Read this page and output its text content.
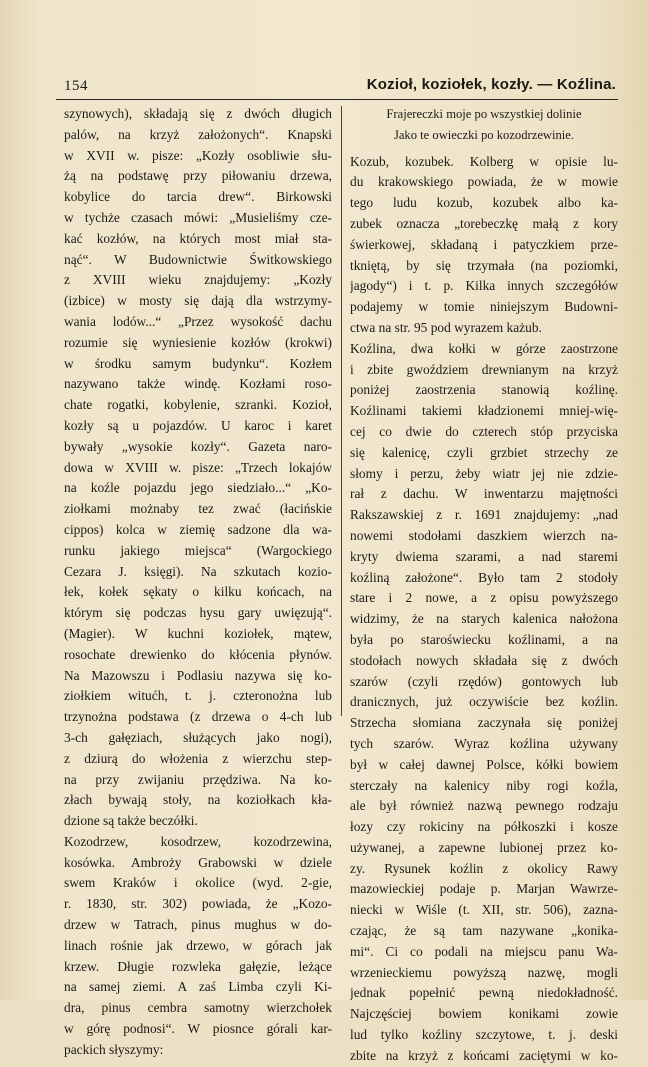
154	Kozioł, koziołek, kozły. — Koźlina.
szynowych), składają się z dwóch długich
palów, na krzyż założonych“. Knapski
w XVII w. pisze: „Kozły osobliwie słu-
żą na podstawę przy piłowaniu drzewa,
kobylice do tarcia drew“. Birkowski
w tychże czasach mówi: „Musieliśmy cze-
kać kozłów, na których most miał sta-
nąć“. W Budownictwie Świtkowskiego
z XVIII wieku znajdujemy: „Kozły
(izbice) w mosty się dają dla wstrzymy-
wania lodów...“ „Przez wysokość dachu
rozumie się wyniesienie kozłów (krokwi)
w środku samym budynku“. Kozłem
nazywano także windę. Kozłami roso-
chate rogatki, kobylenie, szranki. Kozioł,
kozły są u pojazdów. U karoc i karet
bywały „wysokie kozły“. Gazeta naro-
dowa w XVIII w. pisze: „Trzech lokajów
na koźle pojazdu jego siedziało...“ „Ko-
ziołkami możnaby tez zwać (łacińskie
cippos) kolca w ziemię sadzone dla wa-
runku jakiego miejsca“ (Wargockiego
Cezara J. księgi). Na szkutach kozio-
łek, kołek sękaty o kilku końcach, na
którym się podczas hysu gary uwięzują“.
(Magier). W kuchni koziołek, mątew,
rosochate drewienko do kłócenia płynów.
Na Mazowszu i Podlasiu nazywa się ko-
ziołkiem witućh, t. j. czteronożna lub
trzynożna podstawa (z drzewa o 4-ch lub
3-ch gałęziach, służących jako nogi),
z dziurą do włożenia z wierzchu step-
na przy zwijaniu przędziwa. Na ko-
złach bywają stoły, na koziołkach kła-
dzione są także beczółki.
Kozodrzew, kosodrzew, kozodrzewina,
kosówka. Ambroży Grabowski w dziele
swem Kraków i okolice (wyd. 2-gie,
r. 1830, str. 302) powiada, że „Kozo-
drzew w Tatrach, pinus mughus w do-
linach rośnie jak drzewo, w górach jak
krzew. Długie rozwleka gałęzie, leżące
na samej ziemi. A zaś Limba czyli Ki-
dra, pinus cembra samotny wierzchołek
w górę podnosi“. W piosnce górali kar-
packich słyszymy:
Frajereczki moje po wszystkiej dolinie
Jako te owieczki po kozodrzewinie.
Kozub, kozubek. Kolberg w opisie lu-
du krakowskiego powiada, że w mowie
tego ludu kozub, kozubek albo ka-
zubek oznacza „torebeczkę małą z kory
świerkowej, składaną i patyczkiem prze-
tkniętą, by się trzymała (na poziomki,
jagody“) i t. p. Kilka innych szczegółów
podajemy w tomie niniejszym Budowni-
ctwa na str. 95 pod wyrazem każub.
Koźlina, dwa kołki w górze zaostrzone
i zbite gwoździem drewnianym na krzyż
poniżej zaostrzenia stanowią koźlinę.
Koźlinami takiemi kładzionemi mniej-wię-
cej co dwie do czterech stóp przyciska
się kalenicę, czyli grzbiet strzechy ze
słomy i perzu, żeby wiatr jej nie zdzie-
rał z dachu. W inwentarzu majętności
Rakszawskiej z r. 1691 znajdujemy: „nad
nowemi stodołami daszkiem wierzch na-
kryty dwiema szarami, a nad staremi
koźliną założone“. Było tam 2 stodoły
stare i 2 nowe, a z opisu powyższego
widzimy, że na starych kalenica nałożona
była po staroświecku koźlinami, a na
stodołach nowych składała się z dwóch
szarów (czyli rzędów) gontowych lub
dranicznych, już oczywiście bez koźlin.
Strzecha słomiana zaczynała się poniżej
tych szarów. Wyraz koźlina używany
był w całej dawnej Polsce, kółki bowiem
sterczały na kalenicy niby rogi koźla,
ale był również nazwą pewnego rodzaju
łozy czy rokiciny na półkoszki i kosze
używanej, a zapewne lubionej przez ko-
zy. Rysunek koźlin z okolicy Rawy
mazowieckiej podaje p. Marjan Wawrze-
niecki w Wiśle (t. XII, str. 506), zazna-
czając, że są tam nazywane „konika-
mi“. Ci co podali na miejscu panu Wa-
wrzenieckiemu powyższą nazwę, mogli
jednak popełnić pewną niedokładność.
Najczęściej bowiem konikami zowie
lud tylko koźliny szczytowe, t. j. deski
zbite na krzyż z końcami zaciętymi w ko-
